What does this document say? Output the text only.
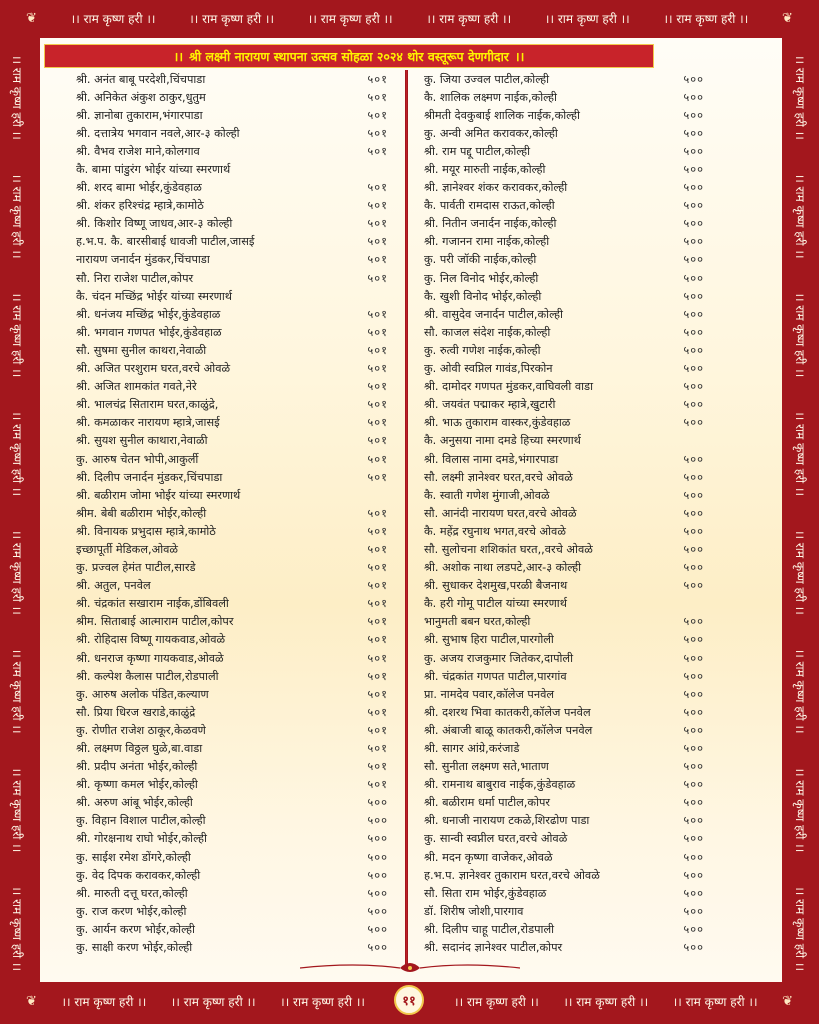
❦	।। राम कृष्ण हरी ।।	।। राम कृष्ण हरी ।।	।। राम कृष्ण हरी ।।	।। राम कृष्ण हरी ।।	।। राम कृष्ण हरी ।।	।। राम कृष्ण हरी ।।	❦
।। राम कृष्ण हरी ।।
।। राम कृष्ण हरी ।।
।। राम कृष्ण हरी ।।
।। राम कृष्ण हरी ।।
।। राम कृष्ण हरी ।।
।। राम कृष्ण हरी ।।
।। राम कृष्ण हरी ।।
।। राम कृष्ण हरी ।।
।। राम कृष्ण हरी ।।
।। राम कृष्ण हरी ।।
।। राम कृष्ण हरी ।।
।। राम कृष्ण हरी ।।
।। राम कृष्ण हरी ।।
।। राम कृष्ण हरी ।।
।। राम कृष्ण हरी ।।
।। राम कृष्ण हरी ।।
❦ ।। राम कृष्ण हरी ।। ।। राम कृष्ण हरी ।। ।। राम कृष्ण हरी ।।	।। राम कृष्ण हरी ।। ।। राम कृष्ण हरी ।। ।। राम कृष्ण हरी ।। ❦
।। श्री लक्ष्मी नारायण स्थापना उत्सव सोहळा २०२४ थोर वस्तूरूप देणगीदार ।।
श्री. अनंत बाबू परदेशी,चिंचपाडा	५०१
श्री. अनिकेत अंकुश ठाकुर,धुतुम	५०१
श्री. ज्ञानोबा तुकाराम,भंगारपाडा	५०१
श्री. दत्तात्रेय भगवान नवले,आर-३ कोल्ही	५०१
श्री. वैभव राजेश माने,कोलगाव	५०१
कै. बामा पांडुरंग भोईर यांच्या स्मरणार्थ
श्री. शरद बामा भोईर,कुंडेवहाळ	५०१
श्री. शंकर हरिश्चंद्र म्हात्रे,कामोठे	५०१
श्री. किशोर विष्णू जाधव,आर-३ कोल्ही	५०१
ह.भ.प. कै. बारसीबाई धावजी पाटील,जासई	५०१
नारायण जनार्दन मुंडकर,चिंचपाडा	५०१
सौ. निरा राजेश पाटील,कोपर	५०१
कै. चंदन मच्छिंद्र भोईर यांच्या स्मरणार्थ
श्री. धनंजय मच्छिंद्र भोईर,कुंडेवहाळ	५०१
श्री. भगवान गणपत भोईर,कुंडेवहाळ	५०१
सौ. सुषमा सुनील काथरा,नेवाळी	५०१
श्री. अजित परशुराम घरत,वरचे ओवळे	५०१
श्री. अजित शामकांत गवते,नेरे	५०१
श्री. भालचंद्र सिताराम घरत,काळुंद्रे,	५०१
श्री. कमळाकर नारायण म्हात्रे,जासई	५०१
श्री. सुयश सुनील काथारा,नेवाळी	५०१
कु. आरुष चेतन भोपी,आकुर्ली	५०१
श्री. दिलीप जनार्दन मुंडकर,चिंचपाडा	५०१
श्री. बळीराम जोमा भोईर यांच्या स्मरणार्थ
श्रीम. बेबी बळीराम भोईर,कोल्ही	५०१
श्री. विनायक प्रभुदास म्हात्रे,कामोठे	५०१
इच्छापूर्ती मेडिकल,ओवळे	५०१
कु. प्रज्वल हेमंत पाटील,सारडे	५०१
श्री. अतुल, पनवेल	५०१
श्री. चंद्रकांत सखाराम नाईक,डोंबिवली	५०१
श्रीम. सिताबाई आत्माराम पाटील,कोपर	५०१
श्री. रोहिदास विष्णू गायकवाड,ओवळे	५०१
श्री. धनराज कृष्णा गायकवाड,ओवळे	५०१
श्री. कल्पेश कैलास पाटील,रोडपाली	५०१
कु. आरुष अलोक पंडित,कल्याण	५०१
सौ. प्रिया धिरज खराडे,काळुंद्रे	५०१
कु. रोणीत राजेश ठाकूर,केळवणे	५०१
श्री. लक्ष्मण विठ्ठल घुळे,बा.वाडा	५०१
श्री. प्रदीप अनंता भोईर,कोल्ही	५०१
श्री. कृष्णा कमल भोईर,कोल्ही	५०१
श्री. अरुण आंबू भोईर,कोल्ही	५००
कु. विहान विशाल पाटील,कोल्ही	५००
श्री. गोरक्षनाथ राघो भोईर,कोल्ही	५००
कु. साईश रमेश डोंगरे,कोल्ही	५००
कु. वेद दिपक करावकर,कोल्ही	५००
श्री. मारुती दत्तू घरत,कोल्ही	५००
कु. राज करण भोईर,कोल्ही	५००
कु. आर्यन करण भोईर,कोल्ही	५००
कु. साक्षी करण भोईर,कोल्ही	५००
कु. जिया उज्वल पाटील,कोल्ही	५००
कै. शालिक लक्ष्मण नाईक,कोल्ही	५००
श्रीमती देवकुबाई शालिक नाईक,कोल्ही	५००
कु. अन्वी अमित करावकर,कोल्ही	५००
श्री. राम पद्दू पाटील,कोल्ही	५००
श्री. मयूर मारुती नाईक,कोल्ही	५००
श्री. ज्ञानेश्वर शंकर करावकर,कोल्ही	५००
कै. पार्वती रामदास राऊत,कोल्ही	५००
श्री. नितीन जनार्दन नाईक,कोल्ही	५००
श्री. गजानन रामा नाईक,कोल्ही	५००
कु. परी जॉकी नाईक,कोल्ही	५००
कु. निल विनोद भोईर,कोल्ही	५००
कै. खुशी विनोद भोईर,कोल्ही	५००
श्री. वासुदेव जनार्दन पाटील,कोल्ही	५००
सौ. काजल संदेश नाईक,कोल्ही	५००
कु. रुत्वी गणेश नाईक,कोल्ही	५००
कु. ओवी स्वप्निल गावंड,पिरकोन	५००
श्री. दामोदर गणपत मुंडकर,वाघिवली वाडा	५००
श्री. जयवंत पद्माकर म्हात्रे,खुटारी	५००
श्री. भाऊ तुकाराम वास्कर,कुंडेवहाळ	५००
कै. अनुसया नामा दमडे हिच्या स्मरणार्थ
श्री. विलास नामा दमडे,भंगारपाडा	५००
सौ. लक्ष्मी ज्ञानेश्वर घरत,वरचे ओवळे	५००
कै. स्वाती गणेश मुंगाजी,ओवळे	५००
सौ. आनंदी नारायण घरत,वरचे ओवळे	५००
कै. महेंद्र रघुनाथ भगत,वरचे ओवळे	५००
सौ. सुलोचना शशिकांत घरत,,वरचे ओवळे	५००
श्री. अशोक नाथा लडपटे,आर-३ कोल्ही	५००
श्री. सुधाकर देशमुख,परळी बैजनाथ	५००
कै. हरी गोमू पाटील यांच्या स्मरणार्थ
भानुमती बबन घरत,कोल्ही	५००
श्री. सुभाष हिरा पाटील,पारगोली	५००
कु. अजय राजकुमार जितेकर,दापोली	५००
श्री. चंद्रकांत गणपत पाटील,पारगांव	५००
प्रा. नामदेव पवार,कॉलेज पनवेल	५००
श्री. दशरथ भिवा कातकरी,कॉलेज पनवेल	५००
श्री. अंबाजी बाळू कातकरी,कॉलेज पनवेल	५००
श्री. सागर आंग्रे,करंजाडे	५००
सौ. सुनीता लक्ष्मण सते,भाताण	५००
श्री. रामनाथ बाबुराव नाईक,कुंडेवहाळ	५००
श्री. बळीराम धर्मा पाटील,कोपर	५००
श्री. धनाजी नारायण टकळे,शिरढोण पाडा	५००
कु. सान्वी स्वप्नील घरत,वरचे ओवळे	५००
श्री. मदन कृष्णा वाजेकर,ओवळे	५००
ह.भ.प. ज्ञानेश्वर तुकाराम घरत,वरचे ओवळे	५००
सौ. सिता राम भोईर,कुंडेवहाळ	५००
डॉ. शिरीष जोशी,पारगाव	५००
श्री. दिलीप चाहू पाटील,रोडपाली	५००
श्री. सदानंद ज्ञानेश्वर पाटील,कोपर	५००
११
